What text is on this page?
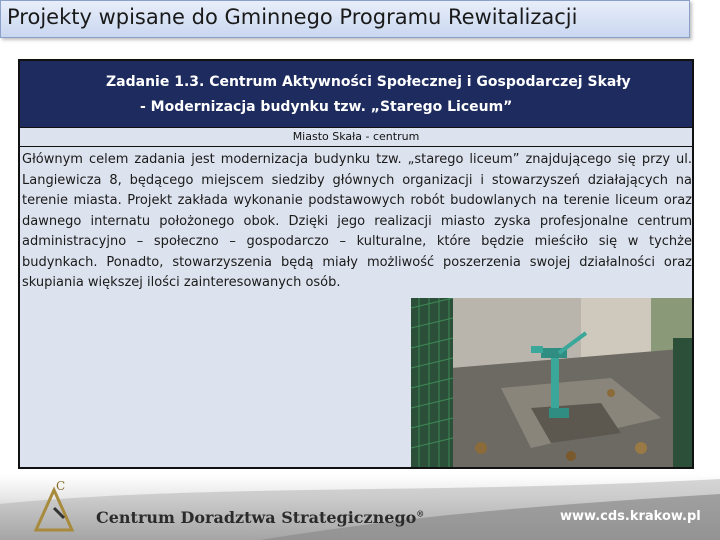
Projekty wpisane do Gminnego Programu Rewitalizacji
Zadanie 1.3. Centrum Aktywności Społecznej i Gospodarczej Skały
- Modernizacja budynku tzw. „Starego Liceum”
Miasto Skała - centrum

Głównym celem zadania jest modernizacja budynku tzw. „starego liceum” znajdującego się przy ul. Langiewicza 8, będącego miejscem siedziby głównych organizacji i stowarzyszeń działających na terenie miasta. Projekt zakłada wykonanie podstawowych robót budowlanych na terenie liceum oraz dawnego internatu położonego obok. Dzięki jego realizacji miasto zyska profesjonalne centrum administracyjno – społeczno – gospodarczo – kulturalne, które będzie mieściło się w tychże budynkach. Ponadto, stowarzyszenia będą miały możliwość poszerzenia swojej działalności oraz skupiania większej ilości zainteresowanych osób.

C
Centrum Doradztwa Strategicznego®	www.cds.krakow.pl
